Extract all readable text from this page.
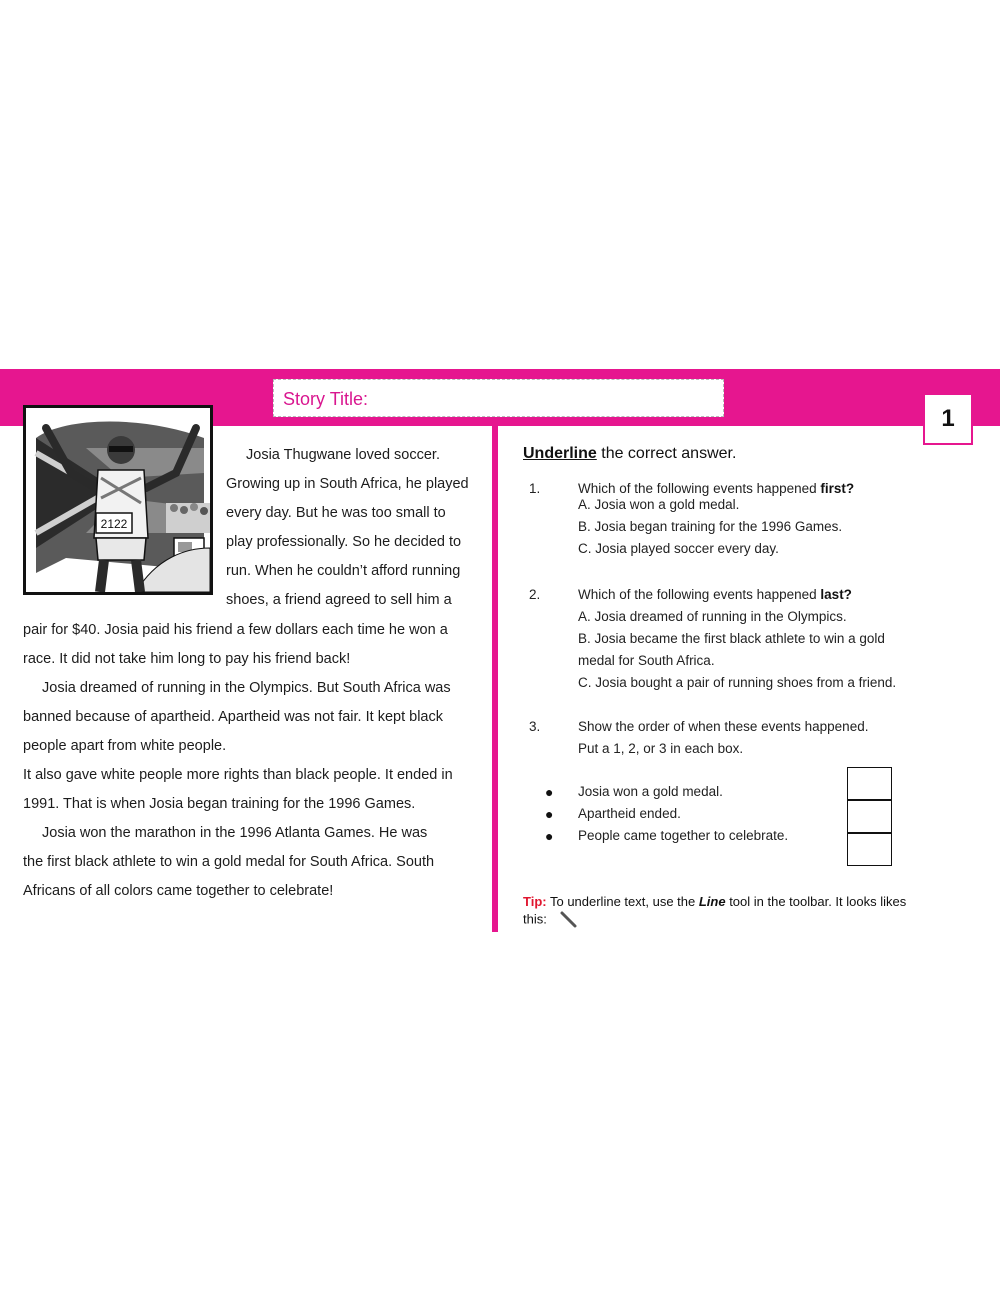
Story Title:
1
2122
Josia Thugwane loved soccer.
Growing up in South Africa, he played
every day. But he was too small to
play professionally. So he decided to
run. When he couldn’t afford running
shoes, a friend agreed to sell him a
pair for $40. Josia paid his friend a few dollars each time he won a
race. It did not take him long to pay his friend back!
Josia dreamed of running in the Olympics. But South Africa was
banned because of apartheid. Apartheid was not fair. It kept black
people apart from white people.
It also gave white people more rights than black people. It ended in
1991. That is when Josia began training for the 1996 Games.
Josia won the marathon in the 1996 Atlanta Games. He was
the first black athlete to win a gold medal for South Africa. South
Africans of all colors came together to celebrate!
Underline the correct answer.
1.	Which of the following events happened first?
A. Josia won a gold medal.
B. Josia began training for the 1996 Games.
C. Josia played soccer every day.
2.	Which of the following events happened last?
A. Josia dreamed of running in the Olympics.
B. Josia became the first black athlete to win a gold
medal for South Africa.
C. Josia bought a pair of running shoes from a friend.
3.	Show the order of when these events happened.
Put a 1, 2, or 3 in each box.
● Josia won a gold medal.
● Apartheid ended.
● People came together to celebrate.
Tip: To underline text, use the Line tool in the toolbar. It looks likes this:
